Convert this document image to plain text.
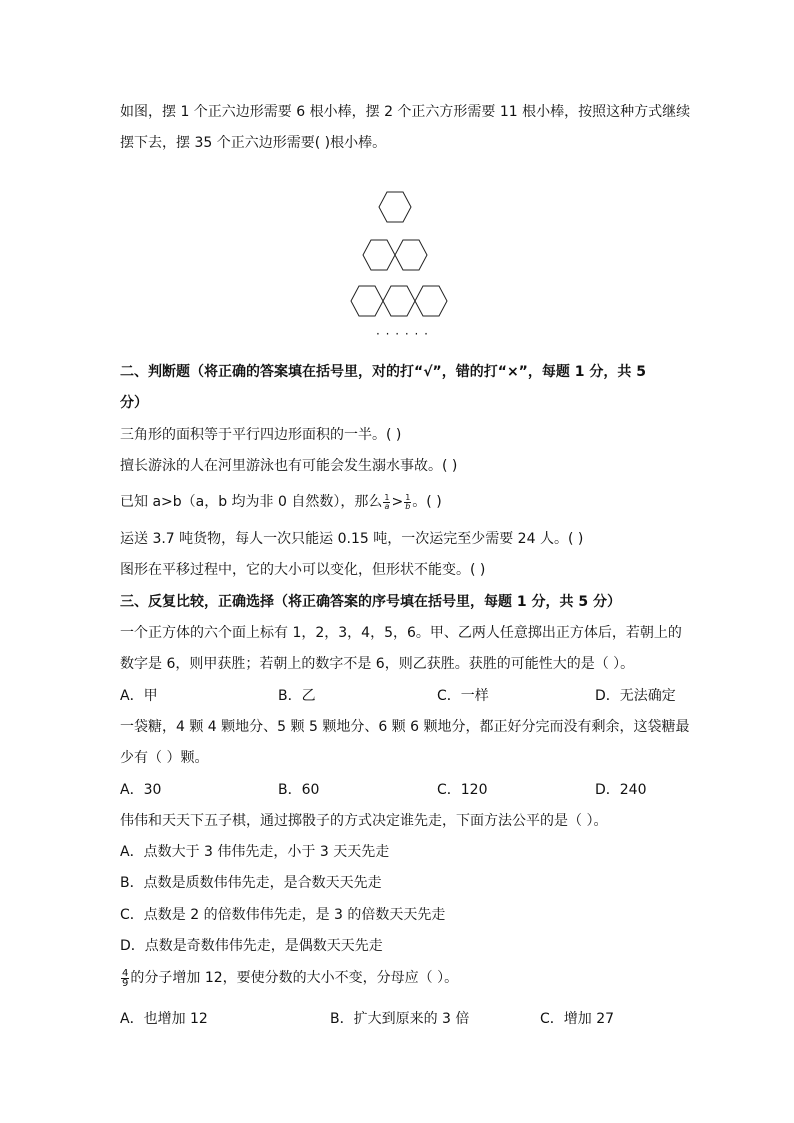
如图，摆 1 个正六边形需要 6 根小棒，摆 2 个正六方形需要 11 根小棒，按照这种方式继续
摆下去，摆 35 个正六边形需要( )根小棒。
· · · · · ·
二、判断题（将正确的答案填在括号里，对的打“√”，错的打“×”，每题 1 分，共 5
分）
三角形的面积等于平行四边形面积的一半。( )
擅长游泳的人在河里游泳也有可能会发生溺水事故。( )
已知 a>b（a，b 均为非 0 自然数），那么 $\frac{1}{a} > \frac{1}{b}$ 。( )
运送 3.7 吨货物，每人一次只能运 0.15 吨，一次运完至少需要 24 人。( )
图形在平移过程中，它的大小可以变化，但形状不能变。( )
三、反复比较，正确选择（将正确答案的序号填在括号里，每题 1 分，共 5 分）
一个正方体的六个面上标有 1，2，3，4，5，6。甲、乙两人任意掷出正方体后，若朝上的
数字是 6，则甲获胜；若朝上的数字不是 6，则乙获胜。获胜的可能性大的是（ ）。
A．甲	B．乙	C．一样	D．无法确定
一袋糖，4 颗 4 颗地分、5 颗 5 颗地分、6 颗 6 颗地分，都正好分完而没有剩余，这袋糖最
少有（ ）颗。
A．30	B．60	C．120	D．240
伟伟和天天下五子棋，通过掷骰子的方式决定谁先走，下面方法公平的是（ ）。
A．点数大于 3 伟伟先走，小于 3 天天先走
B．点数是质数伟伟先走，是合数天天先走
C．点数是 2 的倍数伟伟先走，是 3 的倍数天天先走
D．点数是奇数伟伟先走，是偶数天天先走
$\frac{4}{9}$ 的分子增加 12，要使分数的大小不变，分母应（ ）。
A．也增加 12	B．扩大到原来的 3 倍	C．增加 27
